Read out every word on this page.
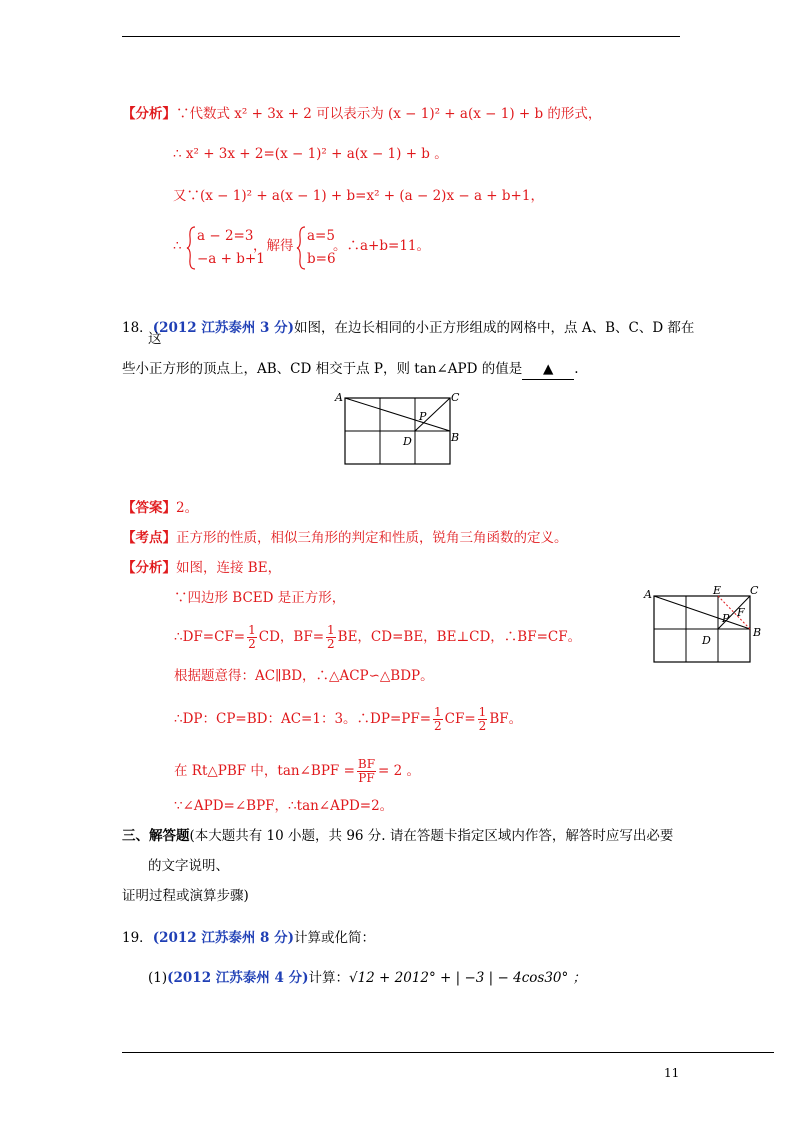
【分析】∵代数式 x² + 3x + 2 可以表示为 (x − 1)² + a(x − 1) + b 的形式，
∴ x² + 3x + 2=(x − 1)² + a(x − 1) + b 。
又∵(x − 1)² + a(x − 1) + b=x² + (a − 2)x − a + b+1，
∴
a − 2=3
−a + b+1
，解得
a=5
b=6
。∴a+b=11。
18．(2012 江苏泰州 3 分)如图，在边长相同的小正方形组成的网格中，点 A、B、C、D 都在
这
些小正方形的顶点上，AB、CD 相交于点 P，则 tan∠APD 的值是 ▲ .
A	C
B
D
P
【答案】2。
【考点】正方形的性质，相似三角形的判定和性质，锐角三角函数的定义。
【分析】如图，连接 BE，
∵四边形 BCED 是正方形，
∴DF=CF= $\frac{1}{2}$ CD，$BF= \frac{1}{2}$ BE，CD=BE，BE⊥CD，∴BF=CF。
根据题意得：AC∥BD，∴△ACP∽△BDP。
∴DP：CP=BD：AC=1：3。∴DP=PF= $\frac{1}{2} CF= \frac{1}{2}$ BF。
在 Rt△PBF 中，tan∠BPF = $\frac{BF}{PF} = 2$ 。
∵∠APD=∠BPF，∴tan∠APD=2。
A	E	C
B
D
P F
三、解答题(本大题共有 10 小题，共 96 分. 请在答题卡指定区域内作答，解答时应写出必要
的文字说明、
证明过程或演算步骤)
19．(2012 江苏泰州 8 分)计算或化简：
(1)(2012 江苏泰州 4 分)计算：√12 + 2012° + | −3 | − 4cos30° ；
11
